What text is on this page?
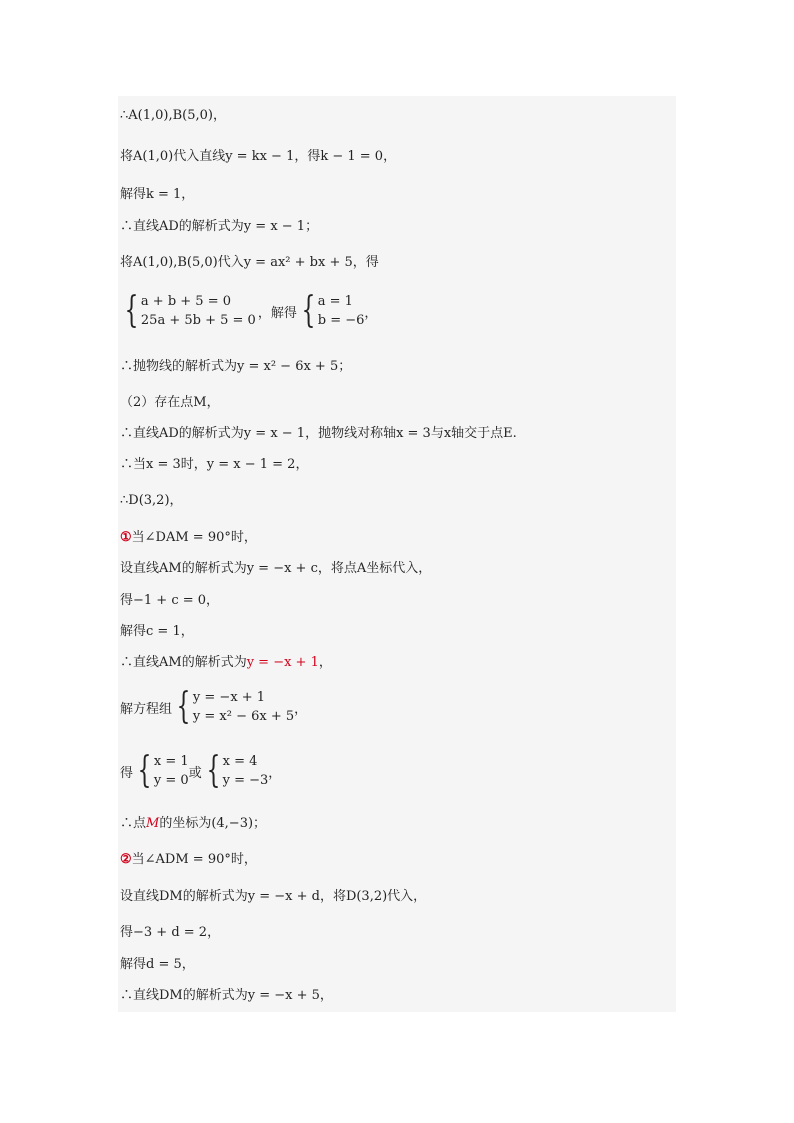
∴A(1,0),B(5,0)，
将A(1,0)代入直线y = kx − 1，得k − 1 = 0，
解得k = 1，
∴直线AD的解析式为y = x − 1；
将A(1,0),B(5,0)代入y = ax² + bx + 5，得
{ a + b + 5 = 0
25a + 5b + 5 = 0 ，解得 { a = 1
b = −6 ，
∴抛物线的解析式为y = x² − 6x + 5；
（2）存在点M，
∴直线AD的解析式为y = x − 1，抛物线对称轴x = 3与x轴交于点E.
∴当x = 3时，y = x − 1 = 2，
∴D(3,2)，
①当∠DAM = 90°时，
设直线AM的解析式为y = −x + c，将点A坐标代入，
得−1 + c = 0，
解得c = 1，
∴直线AM的解析式为y = −x + 1，
解方程组 { y = −x + 1
y = x² − 6x + 5 ，
得 { x = 1
y = 0 或 { x = 4
y = −3 ，
∴点M的坐标为(4,−3)；
②当∠ADM = 90°时，
设直线DM的解析式为y = −x + d，将D(3,2)代入，
得−3 + d = 2，
解得d = 5，
∴直线DM的解析式为y = −x + 5，
